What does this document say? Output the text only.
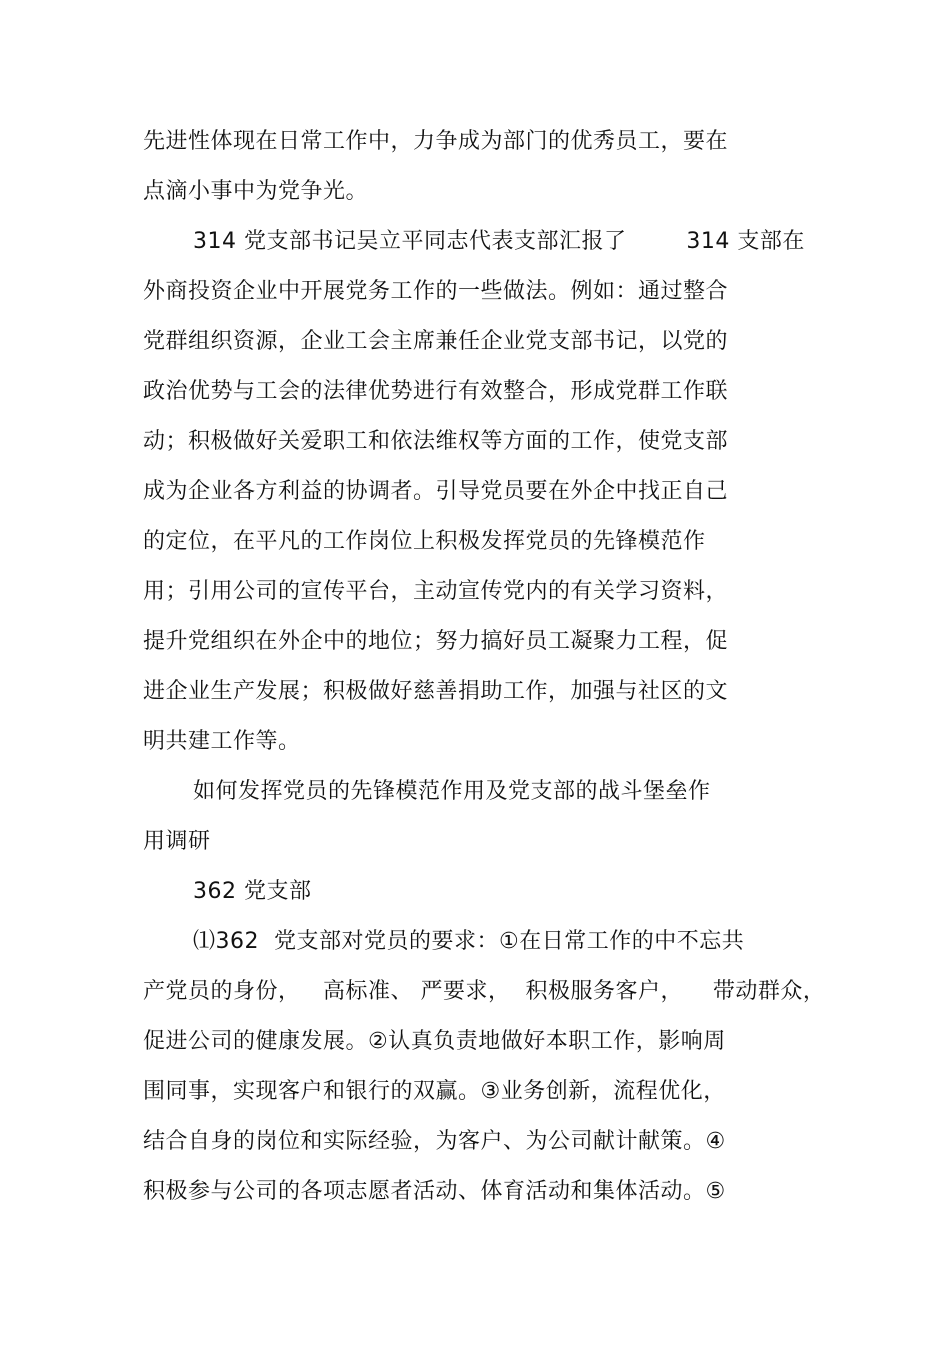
先进性体现在日常工作中，力争成为部门的优秀员工，要在
点滴小事中为党争光。
314 党支部书记吴立平同志代表支部汇报了        314 支部在
外商投资企业中开展党务工作的一些做法。例如：通过整合
党群组织资源，企业工会主席兼任企业党支部书记，以党的
政治优势与工会的法律优势进行有效整合，形成党群工作联
动；积极做好关爱职工和依法维权等方面的工作，使党支部
成为企业各方利益的协调者。引导党员要在外企中找正自己
的定位，在平凡的工作岗位上积极发挥党员的先锋模范作
用；引用公司的宣传平台，主动宣传党内的有关学习资料，
提升党组织在外企中的地位；努力搞好员工凝聚力工程，促
进企业生产发展；积极做好慈善捐助工作，加强与社区的文
明共建工作等。
如何发挥党员的先锋模范作用及党支部的战斗堡垒作
用调研
362 党支部
⑴362  党支部对党员的要求：①在日常工作的中不忘共
产党员的身份，   高标准、 严要求，  积极服务客户，    带动群众，
促进公司的健康发展。②认真负责地做好本职工作，影响周
围同事，实现客户和银行的双赢。③业务创新，流程优化，
结合自身的岗位和实际经验，为客户、为公司献计献策。④
积极参与公司的各项志愿者活动、体育活动和集体活动。⑤
